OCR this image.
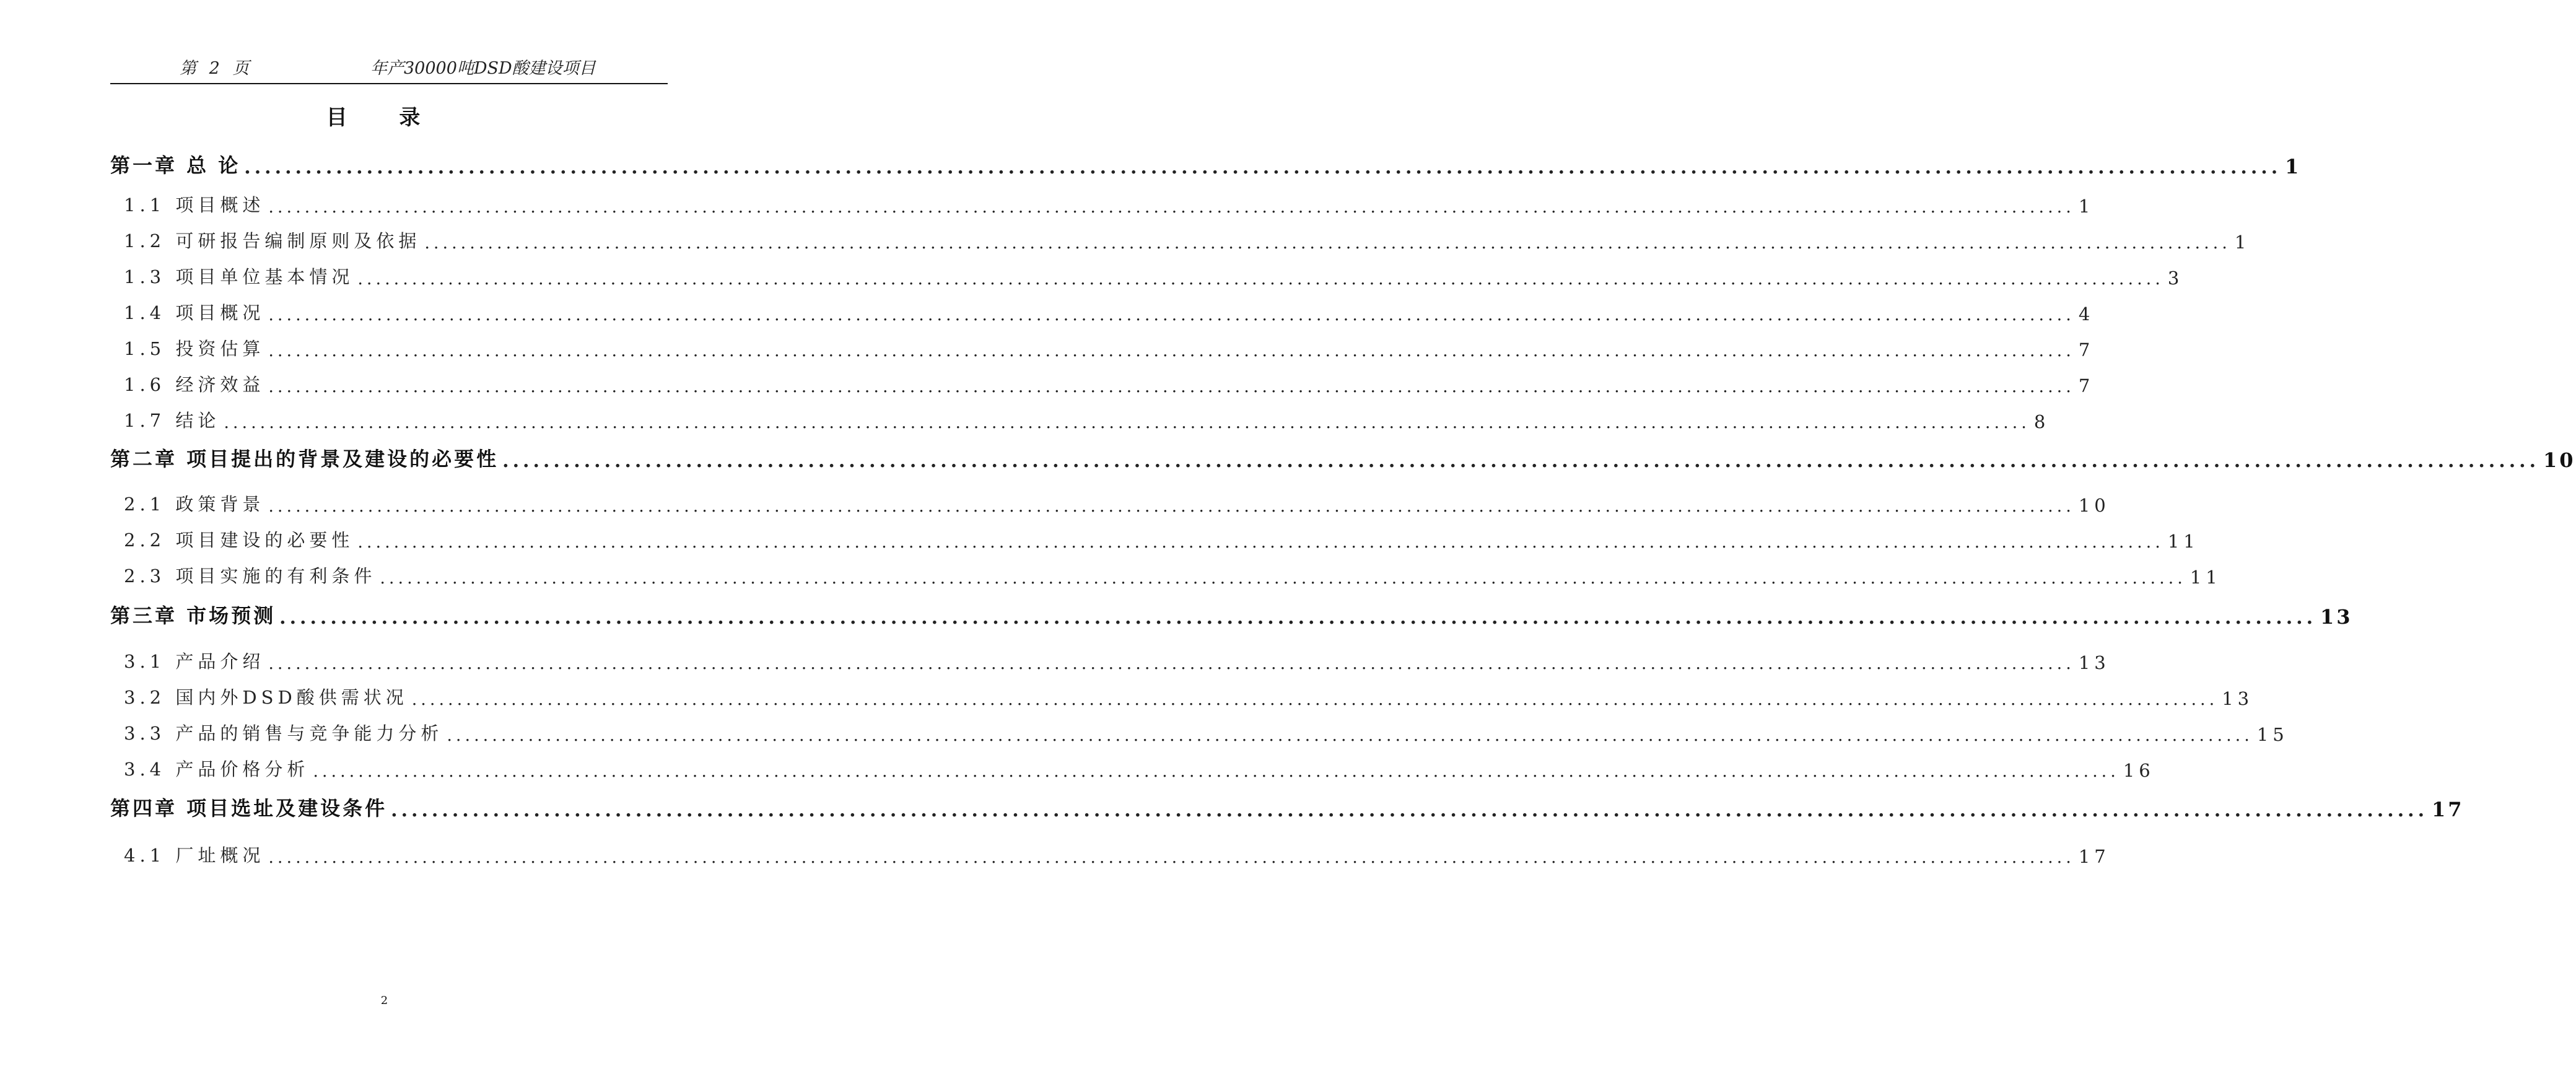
第 2 页	年产30000吨DSD酸建设项目
目 录
第一章 总 论 ........................................................................................................................................................................................................ 1
1.1 项目概述 ........................................................................................................................................................................................................ 1
1.2 可研报告编制原则及依据 ........................................................................................................................................................................................................ 1
1.3 项目单位基本情况 ........................................................................................................................................................................................................ 3
1.4 项目概况 ........................................................................................................................................................................................................ 4
1.5 投资估算 ........................................................................................................................................................................................................ 7
1.6 经济效益 ........................................................................................................................................................................................................ 7
1.7 结论 ........................................................................................................................................................................................................ 8
第二章 项目提出的背景及建设的必要性 ........................................................................................................................................................................................................ 10
2.1 政策背景 ........................................................................................................................................................................................................ 10
2.2 项目建设的必要性 ........................................................................................................................................................................................................ 11
2.3 项目实施的有利条件 ........................................................................................................................................................................................................ 11
第三章 市场预测 ........................................................................................................................................................................................................ 13
3.1 产品介绍 ........................................................................................................................................................................................................ 13
3.2 国内外DSD酸供需状况 ........................................................................................................................................................................................................ 13
3.3 产品的销售与竞争能力分析 ........................................................................................................................................................................................................ 15
3.4 产品价格分析 ........................................................................................................................................................................................................ 16
第四章 项目选址及建设条件 ........................................................................................................................................................................................................ 17
4.1 厂址概况 ........................................................................................................................................................................................................ 17
2
